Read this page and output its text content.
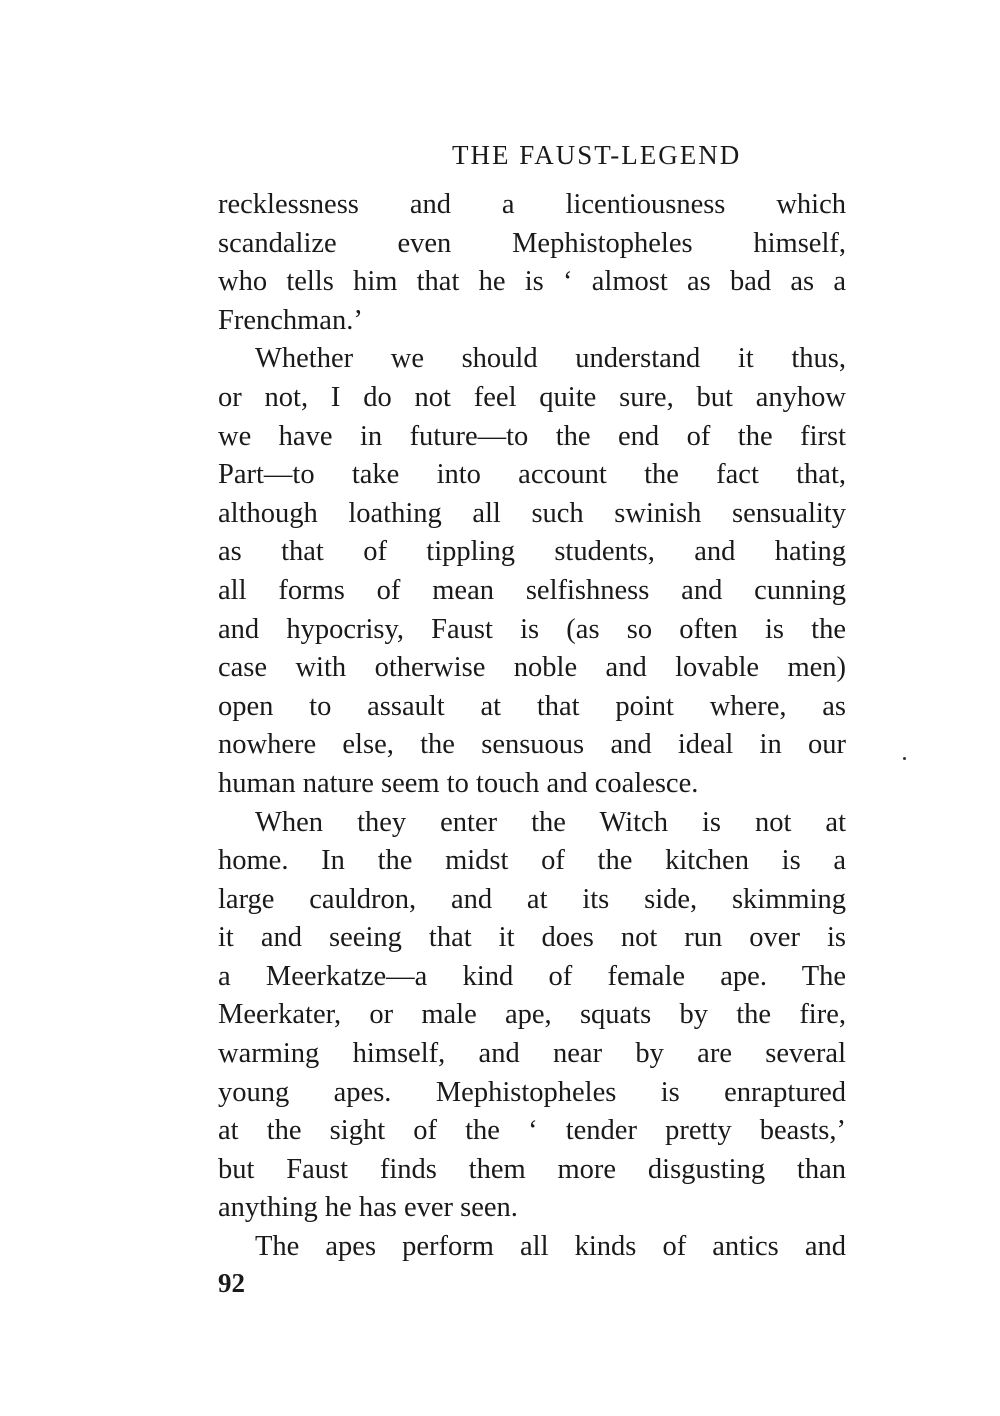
THE FAUST-LEGEND
recklessness and a licentiousness which
scandalize even Mephistopheles himself,
who tells him that he is ‘ almost as bad as a
Frenchman.’
Whether we should understand it thus,
or not, I do not feel quite sure, but anyhow
we have in future—to the end of the first
Part—to take into account the fact that,
although loathing all such swinish sensuality
as that of tippling students, and hating
all forms of mean selfishness and cunning
and hypocrisy, Faust is (as so often is the
case with otherwise noble and lovable men)
open to assault at that point where, as
nowhere else, the sensuous and ideal in our
human nature seem to touch and coalesce.
When they enter the Witch is not at
home. In the midst of the kitchen is a
large cauldron, and at its side, skimming
it and seeing that it does not run over is
a Meerkatze—a kind of female ape. The
Meerkater, or male ape, squats by the fire,
warming himself, and near by are several
young apes. Mephistopheles is enraptured
at the sight of the ‘ tender pretty beasts,’
but Faust finds them more disgusting than
anything he has ever seen.
The apes perform all kinds of antics and
92
